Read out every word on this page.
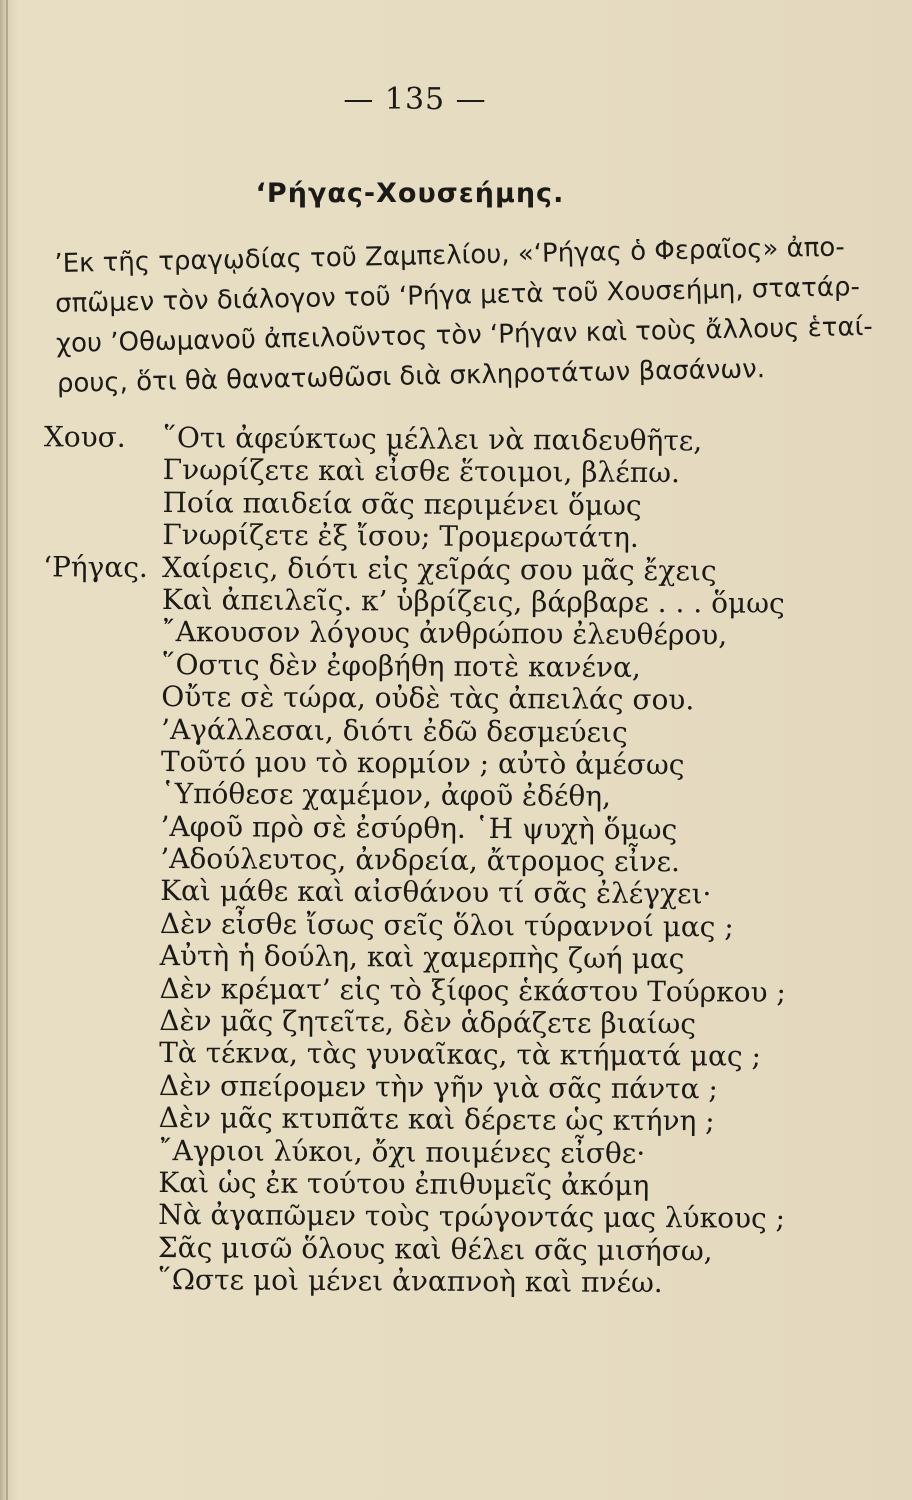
— 135 —
‘Ρήγας-Χουσεήμης.
’Εκ τῆς τραγῳδίας τοῦ Ζαμπελίου, «‘Ρήγας ὁ Φεραῖος» ἀπο-
σπῶμεν τὸν διάλογον τοῦ ‘Ρήγα μετὰ τοῦ Χουσεήμη, στατάρ-
χου ’Οθωμανοῦ ἀπειλοῦντος τὸν ‘Ρήγαν καὶ τοὺς ἄλλους ἑταί-
ρους, ὅτι θὰ θανατωθῶσι διὰ σκληροτάτων βασάνων.
Χουσ. ῞Οτι ἀφεύκτως μέλλει νὰ παιδευθῆτε,
Γνωρίζετε καὶ εἶσθε ἕτοιμοι, βλέπω.
Ποία παιδεία σᾶς περιμένει ὅμως
Γνωρίζετε ἐξ ἴσου; Τρομερωτάτη.
‘Ρήγας. Χαίρεις, διότι εἰς χεῖράς σου μᾶς ἔχεις
Καὶ ἀπειλεῖς. κ’ ὑβρίζεις, βάρβαρε . . . ὅμως
῎Ακουσον λόγους ἀνθρώπου ἐλευθέρου,
῞Οστις δὲν ἐφοβήθη ποτὲ κανένα,
Οὔτε σὲ τώρα, οὐδὲ τὰς ἀπειλάς σου.
’Αγάλλεσαι, διότι ἐδῶ δεσμεύεις
Τοῦτό μου τὸ κορμίον ; αὐτὸ ἀμέσως
῾Υπόθεσε χαμέμον, ἀφοῦ ἐδέθη,
’Αφοῦ πρὸ σὲ ἐσύρθη. ῾Η ψυχὴ ὅμως
’Αδούλευτος, ἀνδρεία, ἄτρομος εἶνε.
Καὶ μάθε καὶ αἰσθάνου τί σᾶς ἐλέγχει·
Δὲν εἶσθε ἴσως σεῖς ὅλοι τύραννοί μας ;
Αὐτὴ ἡ δούλη, καὶ χαμερπὴς ζωή μας
Δὲν κρέματ’ εἰς τὸ ξίφος ἑκάστου Τούρκου ;
Δὲν μᾶς ζητεῖτε, δὲν ἁδράζετε βιαίως
Τὰ τέκνα, τὰς γυναῖκας, τὰ κτήματά μας ;
Δὲν σπείρομεν τὴν γῆν γιὰ σᾶς πάντα ;
Δὲν μᾶς κτυπᾶτε καὶ δέρετε ὡς κτήνη ;
῎Αγριοι λύκοι, ὄχι ποιμένες εἶσθε·
Καὶ ὡς ἐκ τούτου ἐπιθυμεῖς ἀκόμη
Νὰ ἀγαπῶμεν τοὺς τρώγοντάς μας λύκους ;
Σᾶς μισῶ ὅλους καὶ θέλει σᾶς μισήσω,
῞Ωστε μοὶ μένει ἀναπνοὴ καὶ πνέω.
